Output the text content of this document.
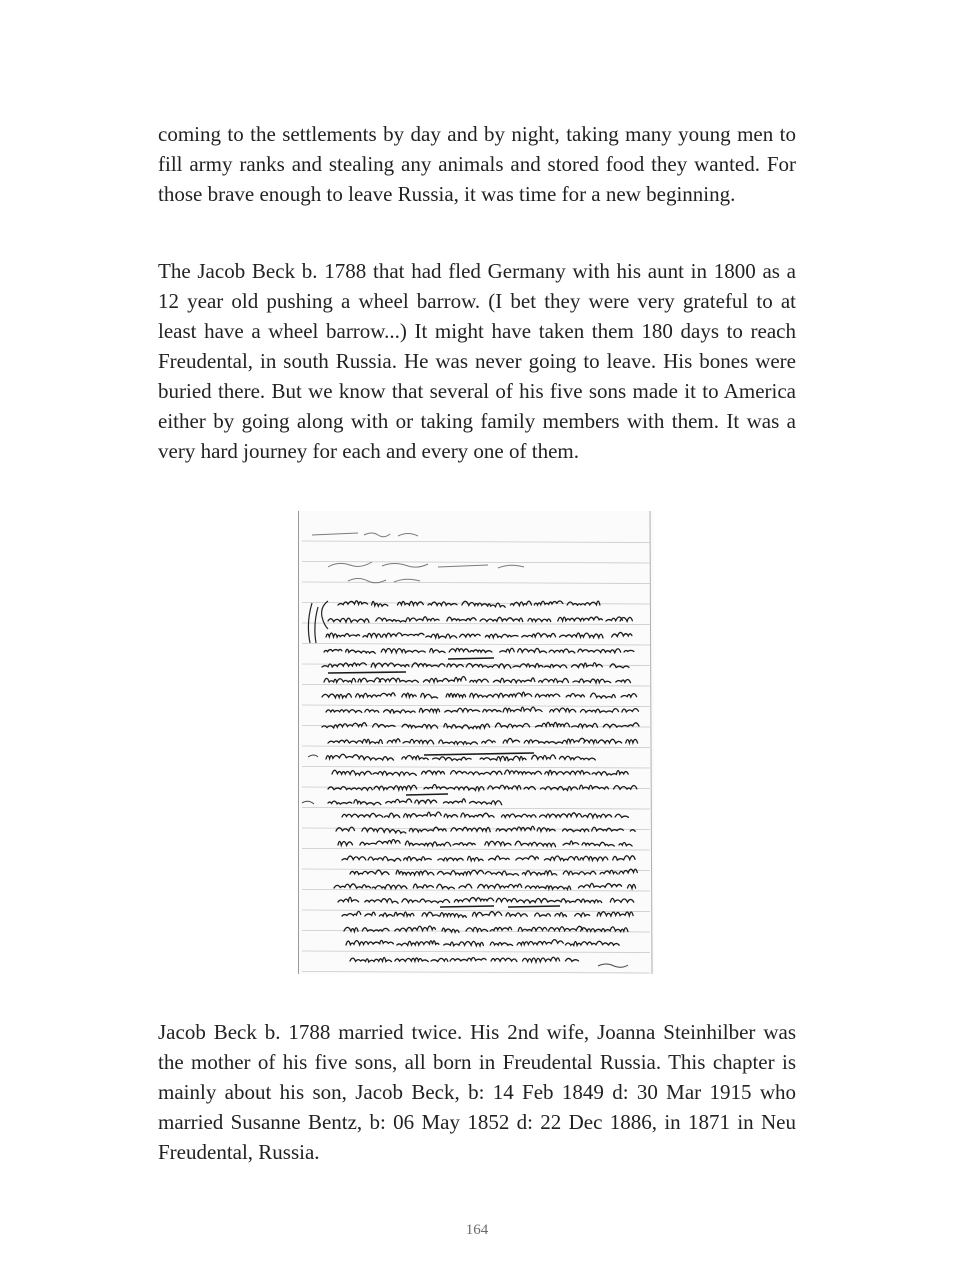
coming to the settlements by day and by night, taking many young men to fill army ranks and stealing any animals and stored food they wanted. For those brave enough to leave Russia, it was time for a new beginning.

The Jacob Beck b. 1788 that had fled Germany with his aunt in 1800 as a 12 year old pushing a wheel barrow. (I bet they were very grateful to at least have a wheel barrow...) It might have taken them 180 days to reach Freudental, in south Russia. He was never going to leave. His bones were buried there. But we know that several of his five sons made it to America either by going along with or taking family members with them. It was a very hard journey for each and every one of them.

Jacob Beck b. 1788 married twice. His 2nd wife, Joanna Steinhilber was the mother of his five sons, all born in Freudental Russia. This chapter is mainly about his son, Jacob Beck, b: 14 Feb 1849 d: 30 Mar 1915 who married Susanne Bentz, b: 06 May 1852 d: 22 Dec 1886, in 1871 in Neu Freudental, Russia.

164
